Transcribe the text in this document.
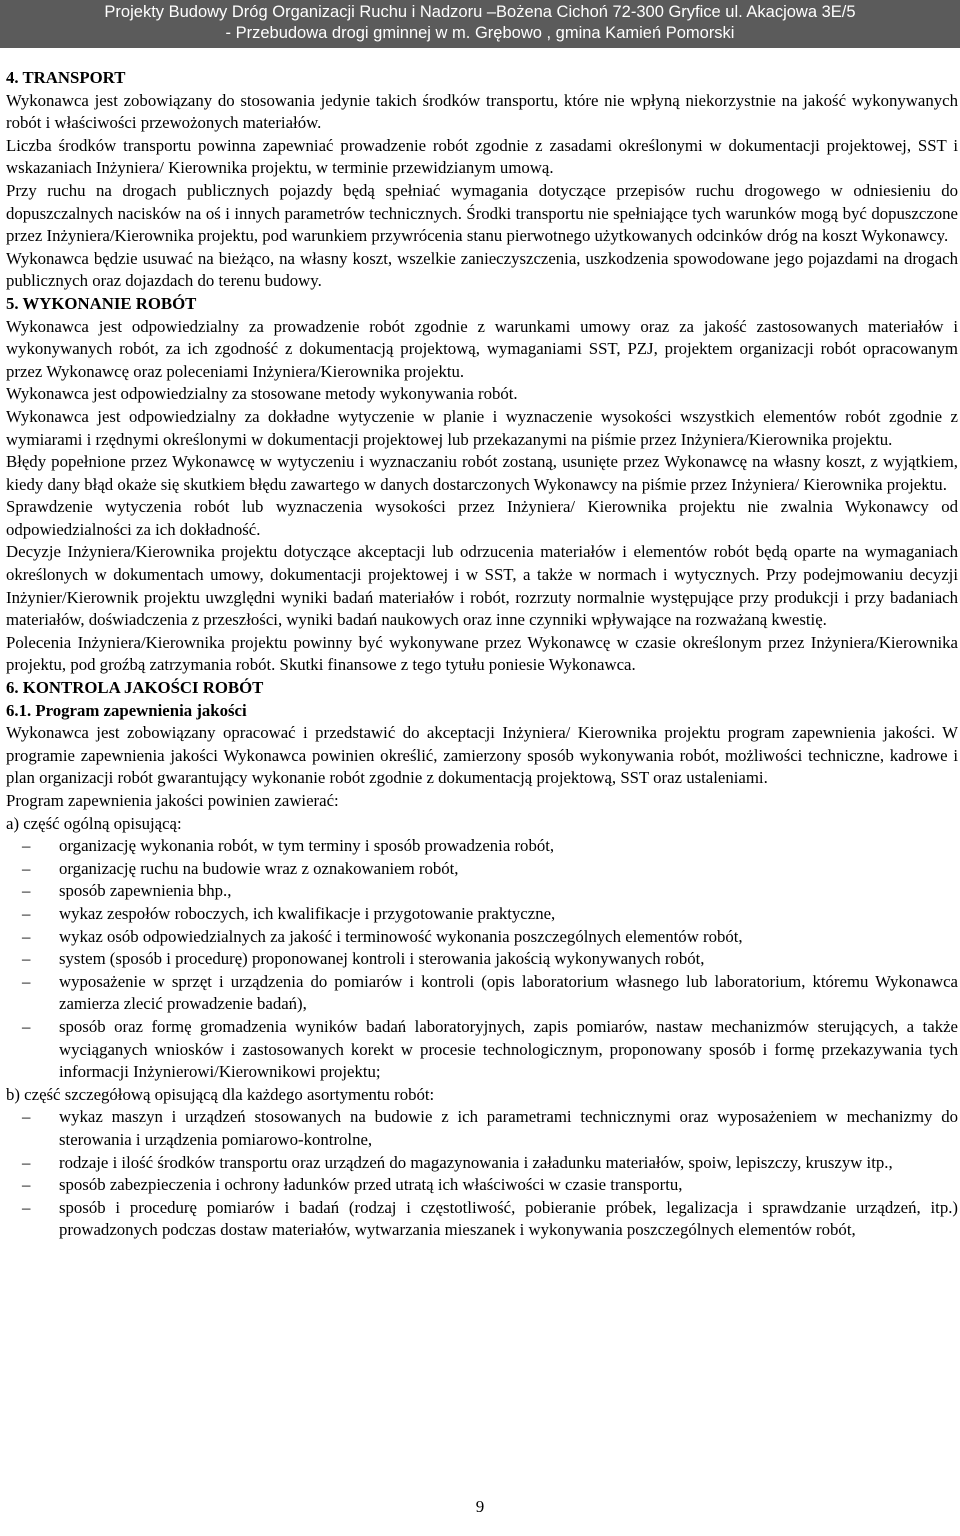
Projekty Budowy Dróg Organizacji Ruchu i Nadzoru –Bożena Cichoń 72-300 Gryfice ul. Akacjowa 3E/5
- Przebudowa drogi gminnej w m. Grębowo , gmina Kamień Pomorski

4. TRANSPORT

Wykonawca jest zobowiązany do stosowania jedynie takich środków transportu, które nie wpłyną niekorzystnie na jakość wykonywanych robót i właściwości przewożonych materiałów.

Liczba środków transportu powinna zapewniać prowadzenie robót zgodnie z zasadami określonymi w dokumentacji projektowej, SST i wskazaniach Inżyniera/ Kierownika projektu, w terminie przewidzianym umową.

Przy ruchu na drogach publicznych pojazdy będą spełniać wymagania dotyczące przepisów ruchu drogowego w odniesieniu do dopuszczalnych nacisków na oś i innych parametrów technicznych. Środki transportu nie spełniające tych warunków mogą być dopuszczone przez Inżyniera/Kierownika projektu, pod warunkiem przywrócenia stanu pierwotnego użytkowanych odcinków dróg na koszt Wykonawcy.

Wykonawca będzie usuwać na bieżąco, na własny koszt, wszelkie zanieczyszczenia, uszkodzenia spowodowane jego pojazdami na drogach publicznych oraz dojazdach do terenu budowy.

5. WYKONANIE ROBÓT

Wykonawca jest odpowiedzialny za prowadzenie robót zgodnie z warunkami umowy oraz za jakość zastosowanych materiałów i wykonywanych robót, za ich zgodność z dokumentacją projektową, wymaganiami SST, PZJ, projektem organizacji robót opracowanym przez Wykonawcę oraz poleceniami Inżyniera/Kierownika projektu.

Wykonawca jest odpowiedzialny za stosowane metody wykonywania robót.

Wykonawca jest odpowiedzialny za dokładne wytyczenie w planie i wyznaczenie wysokości wszystkich elementów robót zgodnie z wymiarami i rzędnymi określonymi w dokumentacji projektowej lub przekazanymi na piśmie przez Inżyniera/Kierownika projektu.

Błędy popełnione przez Wykonawcę w wytyczeniu i wyznaczaniu robót zostaną, usunięte przez Wykonawcę na własny koszt, z wyjątkiem, kiedy dany błąd okaże się skutkiem błędu zawartego w danych dostarczonych Wykonawcy na piśmie przez Inżyniera/ Kierownika projektu.

Sprawdzenie wytyczenia robót lub wyznaczenia wysokości przez Inżyniera/ Kierownika projektu nie zwalnia Wykonawcy od odpowiedzialności za ich dokładność.

Decyzje Inżyniera/Kierownika projektu dotyczące akceptacji lub odrzucenia materiałów i elementów robót będą oparte na wymaganiach określonych w dokumentach umowy, dokumentacji projektowej i w SST, a także w normach i wytycznych. Przy podejmowaniu decyzji Inżynier/Kierownik projektu uwzględni wyniki badań materiałów i robót, rozrzuty normalnie występujące przy produkcji i przy badaniach materiałów, doświadczenia z przeszłości, wyniki badań naukowych oraz inne czynniki wpływające na rozważaną kwestię.

Polecenia Inżyniera/Kierownika projektu powinny być wykonywane przez Wykonawcę w czasie określonym przez Inżyniera/Kierownika projektu, pod groźbą zatrzymania robót. Skutki finansowe z tego tytułu poniesie Wykonawca.

6. KONTROLA JAKOŚCI ROBÓT

6.1. Program zapewnienia jakości

Wykonawca jest zobowiązany opracować i przedstawić do akceptacji Inżyniera/ Kierownika projektu program zapewnienia jakości. W programie zapewnienia jakości Wykonawca powinien określić, zamierzony sposób wykonywania robót, możliwości techniczne, kadrowe i plan organizacji robót gwarantujący wykonanie robót zgodnie z dokumentacją projektową, SST oraz ustaleniami.

Program zapewnienia jakości powinien zawierać:

a) część ogólną opisującą:

– organizację wykonania robót, w tym terminy i sposób prowadzenia robót,
– organizację ruchu na budowie wraz z oznakowaniem robót,
– sposób zapewnienia bhp.,
– wykaz zespołów roboczych, ich kwalifikacje i przygotowanie praktyczne,
– wykaz osób odpowiedzialnych za jakość i terminowość wykonania poszczególnych elementów robót,
– system (sposób i procedurę) proponowanej kontroli i sterowania jakością wykonywanych robót,
– wyposażenie w sprzęt i urządzenia do pomiarów i kontroli (opis laboratorium własnego lub laboratorium, któremu Wykonawca zamierza zlecić prowadzenie badań),
– sposób oraz formę gromadzenia wyników badań laboratoryjnych, zapis pomiarów, nastaw mechanizmów sterujących, a także wyciąganych wniosków i zastosowanych korekt w procesie technologicznym, proponowany sposób i formę przekazywania tych informacji Inżynierowi/Kierownikowi projektu;

b) część szczegółową opisującą dla każdego asortymentu robót:

– wykaz maszyn i urządzeń stosowanych na budowie z ich parametrami technicznymi oraz wyposażeniem w mechanizmy do sterowania i urządzenia pomiarowo-kontrolne,
– rodzaje i ilość środków transportu oraz urządzeń do magazynowania i załadunku materiałów, spoiw, lepiszczy, kruszyw itp.,
– sposób zabezpieczenia i ochrony ładunków przed utratą ich właściwości w czasie transportu,
– sposób i procedurę pomiarów i badań (rodzaj i częstotliwość, pobieranie próbek, legalizacja i sprawdzanie urządzeń, itp.) prowadzonych podczas dostaw materiałów, wytwarzania mieszanek i wykonywania poszczególnych elementów robót,
9
